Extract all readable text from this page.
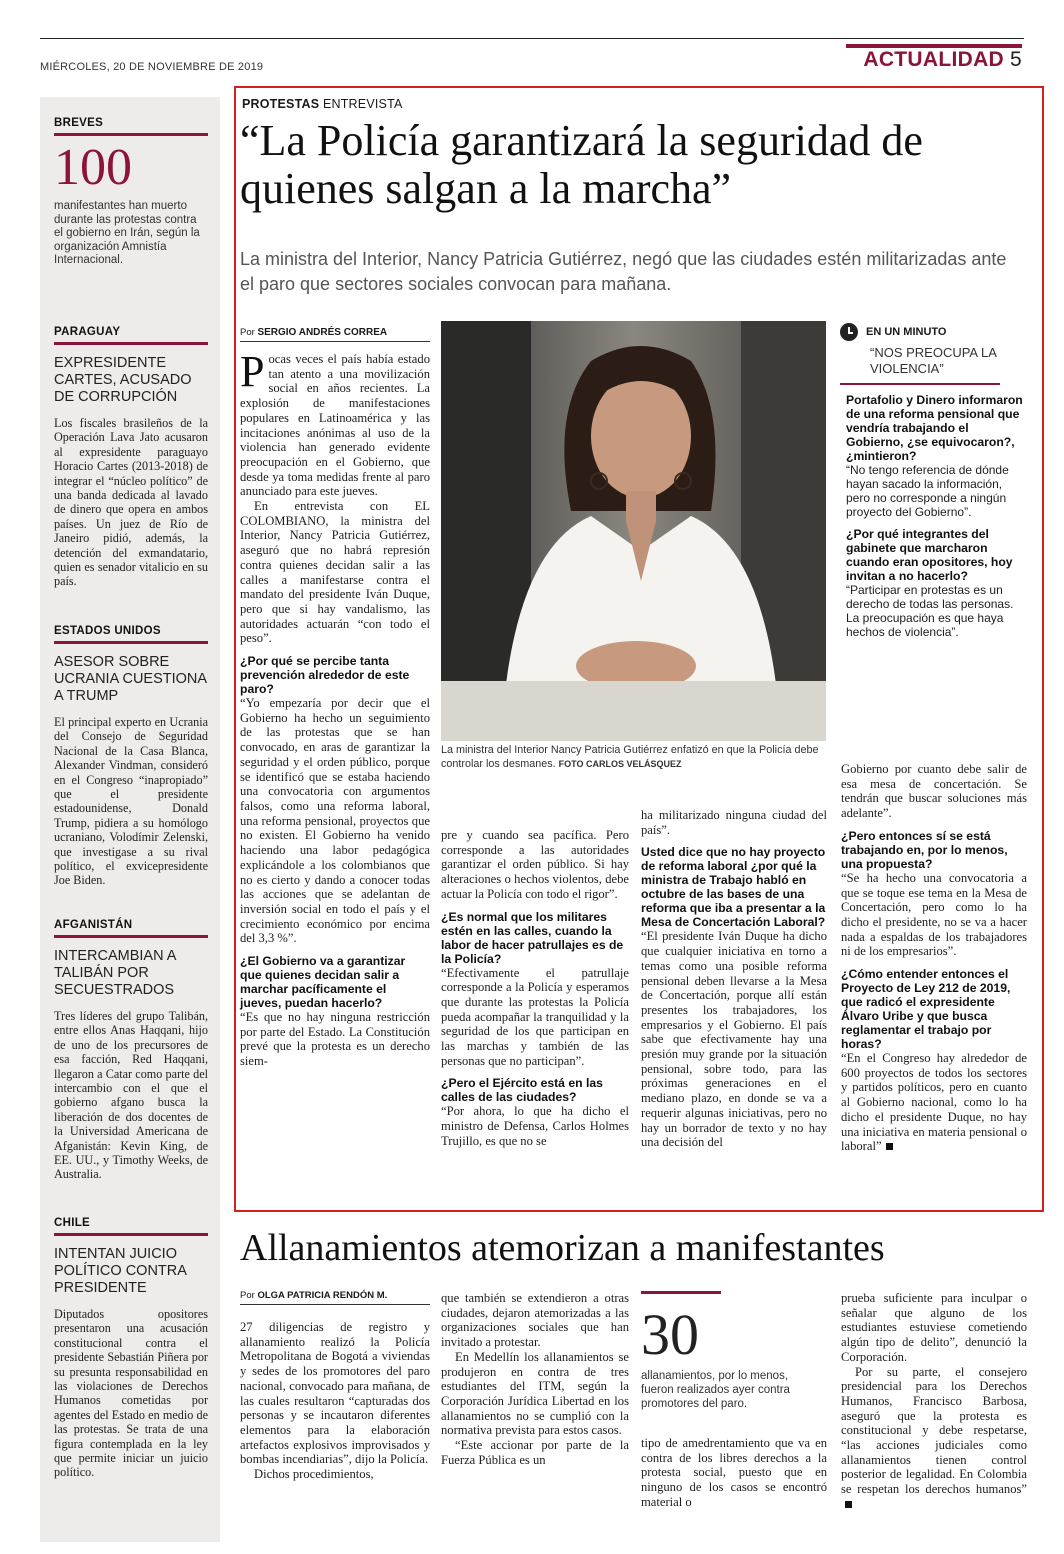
MIÉRCOLES, 20 DE NOVIEMBRE DE 2019	ACTUALIDAD 5
BREVES
100
manifestantes han muerto durante las protestas contra el gobierno en Irán, según la organización Amnistía Internacional.
PARAGUAY
EXPRESIDENTE CARTES, ACUSADO DE CORRUPCIÓN
Los fiscales brasileños de la Operación Lava Jato acusaron al expresidente paraguayo Horacio Cartes (2013-2018) de integrar el “núcleo político” de una banda dedicada al lavado de dinero que opera en ambos países. Un juez de Río de Janeiro pidió, además, la detención del exmandatario, quien es senador vitalicio en su país.
ESTADOS UNIDOS
ASESOR SOBRE UCRANIA CUESTIONA A TRUMP
El principal experto en Ucrania del Consejo de Seguridad Nacional de la Casa Blanca, Alexander Vindman, consideró en el Congreso “inapropiado” que el presidente estadounidense, Donald Trump, pidiera a su homólogo ucraniano, Volodímir Zelenski, que investigase a su rival político, el exvicepresidente Joe Biden.
AFGANISTÁN
INTERCAMBIAN A TALIBÁN POR SECUESTRADOS
Tres líderes del grupo Talibán, entre ellos Anas Haqqani, hijo de uno de los precursores de esa facción, Red Haqqani, llegaron a Catar como parte del intercambio con el que el gobierno afgano busca la liberación de dos docentes de la Universidad Americana de Afganistán: Kevin King, de EE. UU., y Timothy Weeks, de Australia.
CHILE
INTENTAN JUICIO POLÍTICO CONTRA PRESIDENTE
Diputados opositores presentaron una acusación constitucional contra el presidente Sebastián Piñera por su presunta responsabilidad en las violaciones de Derechos Humanos cometidas por agentes del Estado en medio de las protestas. Se trata de una figura contemplada en la ley que permite iniciar un juicio político.
PROTESTAS ENTREVISTA
“La Policía garantizará la seguridad de quienes salgan a la marcha”
La ministra del Interior, Nancy Patricia Gutiérrez, negó que las ciudades estén militarizadas ante el paro que sectores sociales convocan para mañana.
Por SERGIO ANDRÉS CORREA

Pocas veces el país había estado tan atento a una movilización social en años recientes. La explosión de manifestaciones populares en Latinoamérica y las incitaciones anónimas al uso de la violencia han generado evidente preocupación en el Gobierno, que desde ya toma medidas frente al paro anunciado para este jueves.

En entrevista con EL COLOMBIANO, la ministra del Interior, Nancy Patricia Gutiérrez, aseguró que no habrá represión contra quienes decidan salir a las calles a manifestarse contra el mandato del presidente Iván Duque, pero que si hay vandalismo, las autoridades actuarán “con todo el peso”.

¿Por qué se percibe tanta prevención alrededor de este paro?

“Yo empezaría por decir que el Gobierno ha hecho un seguimiento de las protestas que se han convocado, en aras de garantizar la seguridad y el orden público, porque se identificó que se estaba haciendo una convocatoria con argumentos falsos, como una reforma laboral, una reforma pensional, proyectos que no existen. El Gobierno ha venido haciendo una labor pedagógica explicándole a los colombianos que no es cierto y dando a conocer todas las acciones que se adelantan de inversión social en todo el país y el crecimiento económico por encima del 3,3 %”.

¿El Gobierno va a garantizar que quienes decidan salir a marchar pacíficamente el jueves, puedan hacerlo?

“Es que no hay ninguna restricción por parte del Estado. La Constitución prevé que la protesta es un derecho siem-

La ministra del Interior Nancy Patricia Gutiérrez enfatizó en que la Policía debe controlar los desmanes. FOTO CARLOS VELÁSQUEZ

pre y cuando sea pacífica. Pero corresponde a las autoridades garantizar el orden público. Si hay alteraciones o hechos violentos, debe actuar la Policía con todo el rigor”.

¿Es normal que los militares estén en las calles, cuando la labor de hacer patrullajes es de la Policía?

“Efectivamente el patrullaje corresponde a la Policía y esperamos que durante las protestas la Policía pueda acompañar la tranquilidad y la seguridad de los que participan en las marchas y también de las personas que no participan”.

¿Pero el Ejército está en las calles de las ciudades?

“Por ahora, lo que ha dicho el ministro de Defensa, Carlos Holmes Trujillo, es que no se

ha militarizado ninguna ciudad del país”.

Usted dice que no hay proyecto de reforma laboral ¿por qué la ministra de Trabajo habló en octubre de las bases de una reforma que iba a presentar a la Mesa de Concertación Laboral?

“El presidente Iván Duque ha dicho que cualquier iniciativa en torno a temas como una posible reforma pensional deben llevarse a la Mesa de Concertación, porque allí están presentes los trabajadores, los empresarios y el Gobierno. El país sabe que efectivamente hay una presión muy grande por la situación pensional, sobre todo, para las próximas generaciones en el mediano plazo, en donde se va a requerir algunas iniciativas, pero no hay un borrador de texto y no hay una decisión del

EN UN MINUTO
“NOS PREOCUPA LA VIOLENCIA”

Portafolio y Dinero informaron de una reforma pensional que vendría trabajando el Gobierno, ¿se equivocaron?, ¿mintieron?

“No tengo referencia de dónde hayan sacado la información, pero no corresponde a ningún proyecto del Gobierno”.

¿Por qué integrantes del gabinete que marcharon cuando eran opositores, hoy invitan a no hacerlo?

“Participar en protestas es un derecho de todas las personas. La preocupación es que haya hechos de violencia”.

Gobierno por cuanto debe salir de esa mesa de concertación. Se tendrán que buscar soluciones más adelante”.

¿Pero entonces sí se está trabajando en, por lo menos, una propuesta?

“Se ha hecho una convocatoria a que se toque ese tema en la Mesa de Concertación, pero como lo ha dicho el presidente, no se va a hacer nada a espaldas de los trabajadores ni de los empresarios”.

¿Cómo entender entonces el Proyecto de Ley 212 de 2019, que radicó el expresidente Álvaro Uribe y que busca reglamentar el trabajo por horas?

“En el Congreso hay alrededor de 600 proyectos de todos los sectores y partidos políticos, pero en cuanto al Gobierno nacional, como lo ha dicho el presidente Duque, no hay una iniciativa en materia pensional o laboral”

Allanamientos atemorizan a manifestantes
Por OLGA PATRICIA RENDÓN M.

27 diligencias de registro y allanamiento realizó la Policía Metropolitana de Bogotá a viviendas y sedes de los promotores del paro nacional, convocado para mañana, de las cuales resultaron “capturadas dos personas y se incautaron diferentes elementos para la elaboración artefactos explosivos improvisados y bombas incendiarias”, dijo la Policía.

Dichos procedimientos,

que también se extendieron a otras ciudades, dejaron atemorizadas a las organizaciones sociales que han invitado a protestar.

En Medellín los allanamientos se produjeron en contra de tres estudiantes del ITM, según la Corporación Jurídica Libertad en los allanamientos no se cumplió con la normativa prevista para estos casos.

“Este accionar por parte de la Fuerza Pública es un

30
allanamientos, por lo menos, fueron realizados ayer contra promotores del paro.

tipo de amedrentamiento que va en contra de los libres derechos a la protesta social, puesto que en ninguno de los casos se encontró material o

prueba suficiente para inculpar o señalar que alguno de los estudiantes estuviese cometiendo algún tipo de delito”, denunció la Corporación.

Por su parte, el consejero presidencial para los Derechos Humanos, Francisco Barbosa, aseguró que la protesta es constitucional y debe respetarse, “las acciones judiciales como allanamientos tienen control posterior de legalidad. En Colombia se respetan los derechos humanos”
